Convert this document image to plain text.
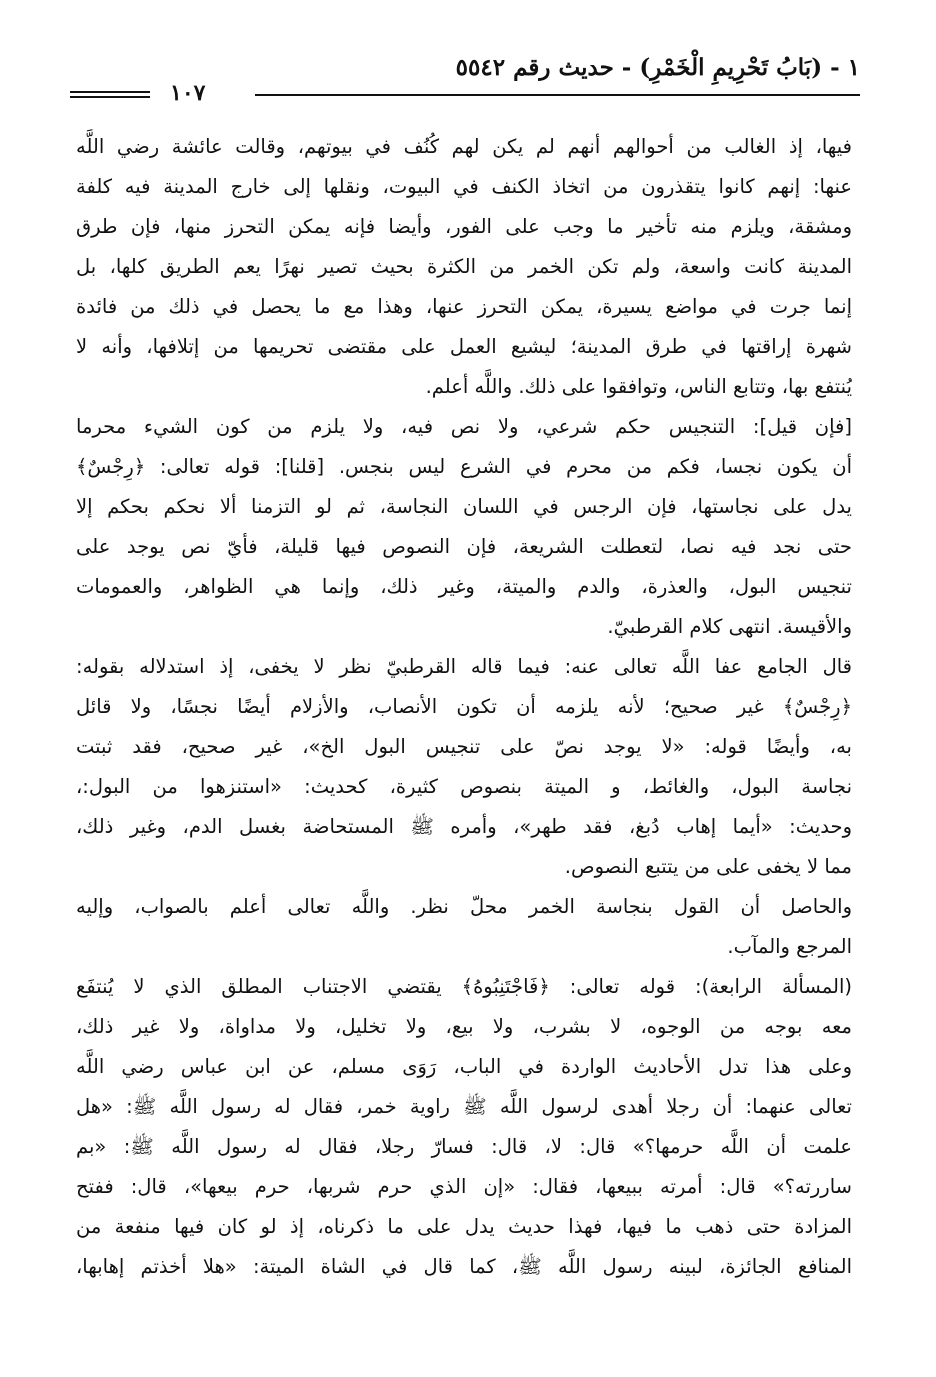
١ - (بَابُ تَحْرِيمِ الْخَمْرِ) - حديث رقم ٥٥٤٢
١٠٧
فيها، إذ الغالب من أحوالهم أنهم لم يكن لهم كُنُف في بيوتهم، وقالت عائشة رضي اللَّه
عنها: إنهم كانوا يتقذرون من اتخاذ الكنف في البيوت، ونقلها إلى خارج المدينة فيه كلفة
ومشقة، ويلزم منه تأخير ما وجب على الفور، وأيضا فإنه يمكن التحرز منها، فإن طرق
المدينة كانت واسعة، ولم تكن الخمر من الكثرة بحيث تصير نهرًا يعم الطريق كلها، بل
إنما جرت في مواضع يسيرة، يمكن التحرز عنها، وهذا مع ما يحصل في ذلك من فائدة
شهرة إراقتها في طرق المدينة؛ ليشيع العمل على مقتضى تحريمها من إتلافها، وأنه لا
يُنتفع بها، وتتابع الناس، وتوافقوا على ذلك. واللَّه أعلم.
[فإن قيل]: التنجيس حكم شرعي، ولا نص فيه، ولا يلزم من كون الشيء محرما
أن يكون نجسا، فكم من محرم في الشرع ليس بنجس. [قلنا]: قوله تعالى: ﴿رِجْسٌ﴾
يدل على نجاستها، فإن الرجس في اللسان النجاسة، ثم لو التزمنا ألا نحكم بحكم إلا
حتى نجد فيه نصا، لتعطلت الشريعة، فإن النصوص فيها قليلة، فأيّ نص يوجد على
تنجيس البول، والعذرة، والدم والميتة، وغير ذلك، وإنما هي الظواهر، والعمومات
والأقيسة. انتهى كلام القرطبيّ.
قال الجامع عفا اللَّه تعالى عنه: فيما قاله القرطبيّ نظر لا يخفى، إذ استدلاله بقوله:
﴿رِجْسٌ﴾ غير صحيح؛ لأنه يلزمه أن تكون الأنصاب، والأزلام أيضًا نجسًا، ولا قائل
به، وأيضًا قوله: «لا يوجد نصّ على تنجيس البول الخ»، غير صحيح، فقد ثبتت
نجاسة البول، والغائط، و الميتة بنصوص كثيرة، كحديث: «استنزهوا من البول:،
وحديث: «أيما إهاب دُبغ، فقد طهر»، وأمره ﷺ المستحاضة بغسل الدم، وغير ذلك،
مما لا يخفى على من يتتبع النصوص.
والحاصل أن القول بنجاسة الخمر محلّ نظر. واللَّه تعالى أعلم بالصواب، وإليه
المرجع والمآب.
(المسألة الرابعة): قوله تعالى: ﴿فَاجْتَنِبُوهُ﴾ يقتضي الاجتناب المطلق الذي لا يُنتفَع
معه بوجه من الوجوه، لا بشرب، ولا بيع، ولا تخليل، ولا مداواة، ولا غير ذلك،
وعلى هذا تدل الأحاديث الواردة في الباب، رَوَى مسلم، عن ابن عباس رضي اللَّه
تعالى عنهما: أن رجلا أهدى لرسول اللَّه ﷺ راوية خمر، فقال له رسول اللَّه ﷺ: «هل
علمت أن اللَّه حرمها؟» قال: لا، قال: فسارّ رجلا، فقال له رسول اللَّه ﷺ: «بم
ساررته؟» قال: أمرته ببيعها، فقال: «إن الذي حرم شربها، حرم بيعها»، قال: ففتح
المزادة حتى ذهب ما فيها، فهذا حديث يدل على ما ذكرناه، إذ لو كان فيها منفعة من
المنافع الجائزة، لبينه رسول اللَّه ﷺ، كما قال في الشاة الميتة: «هلا أخذتم إهابها،
